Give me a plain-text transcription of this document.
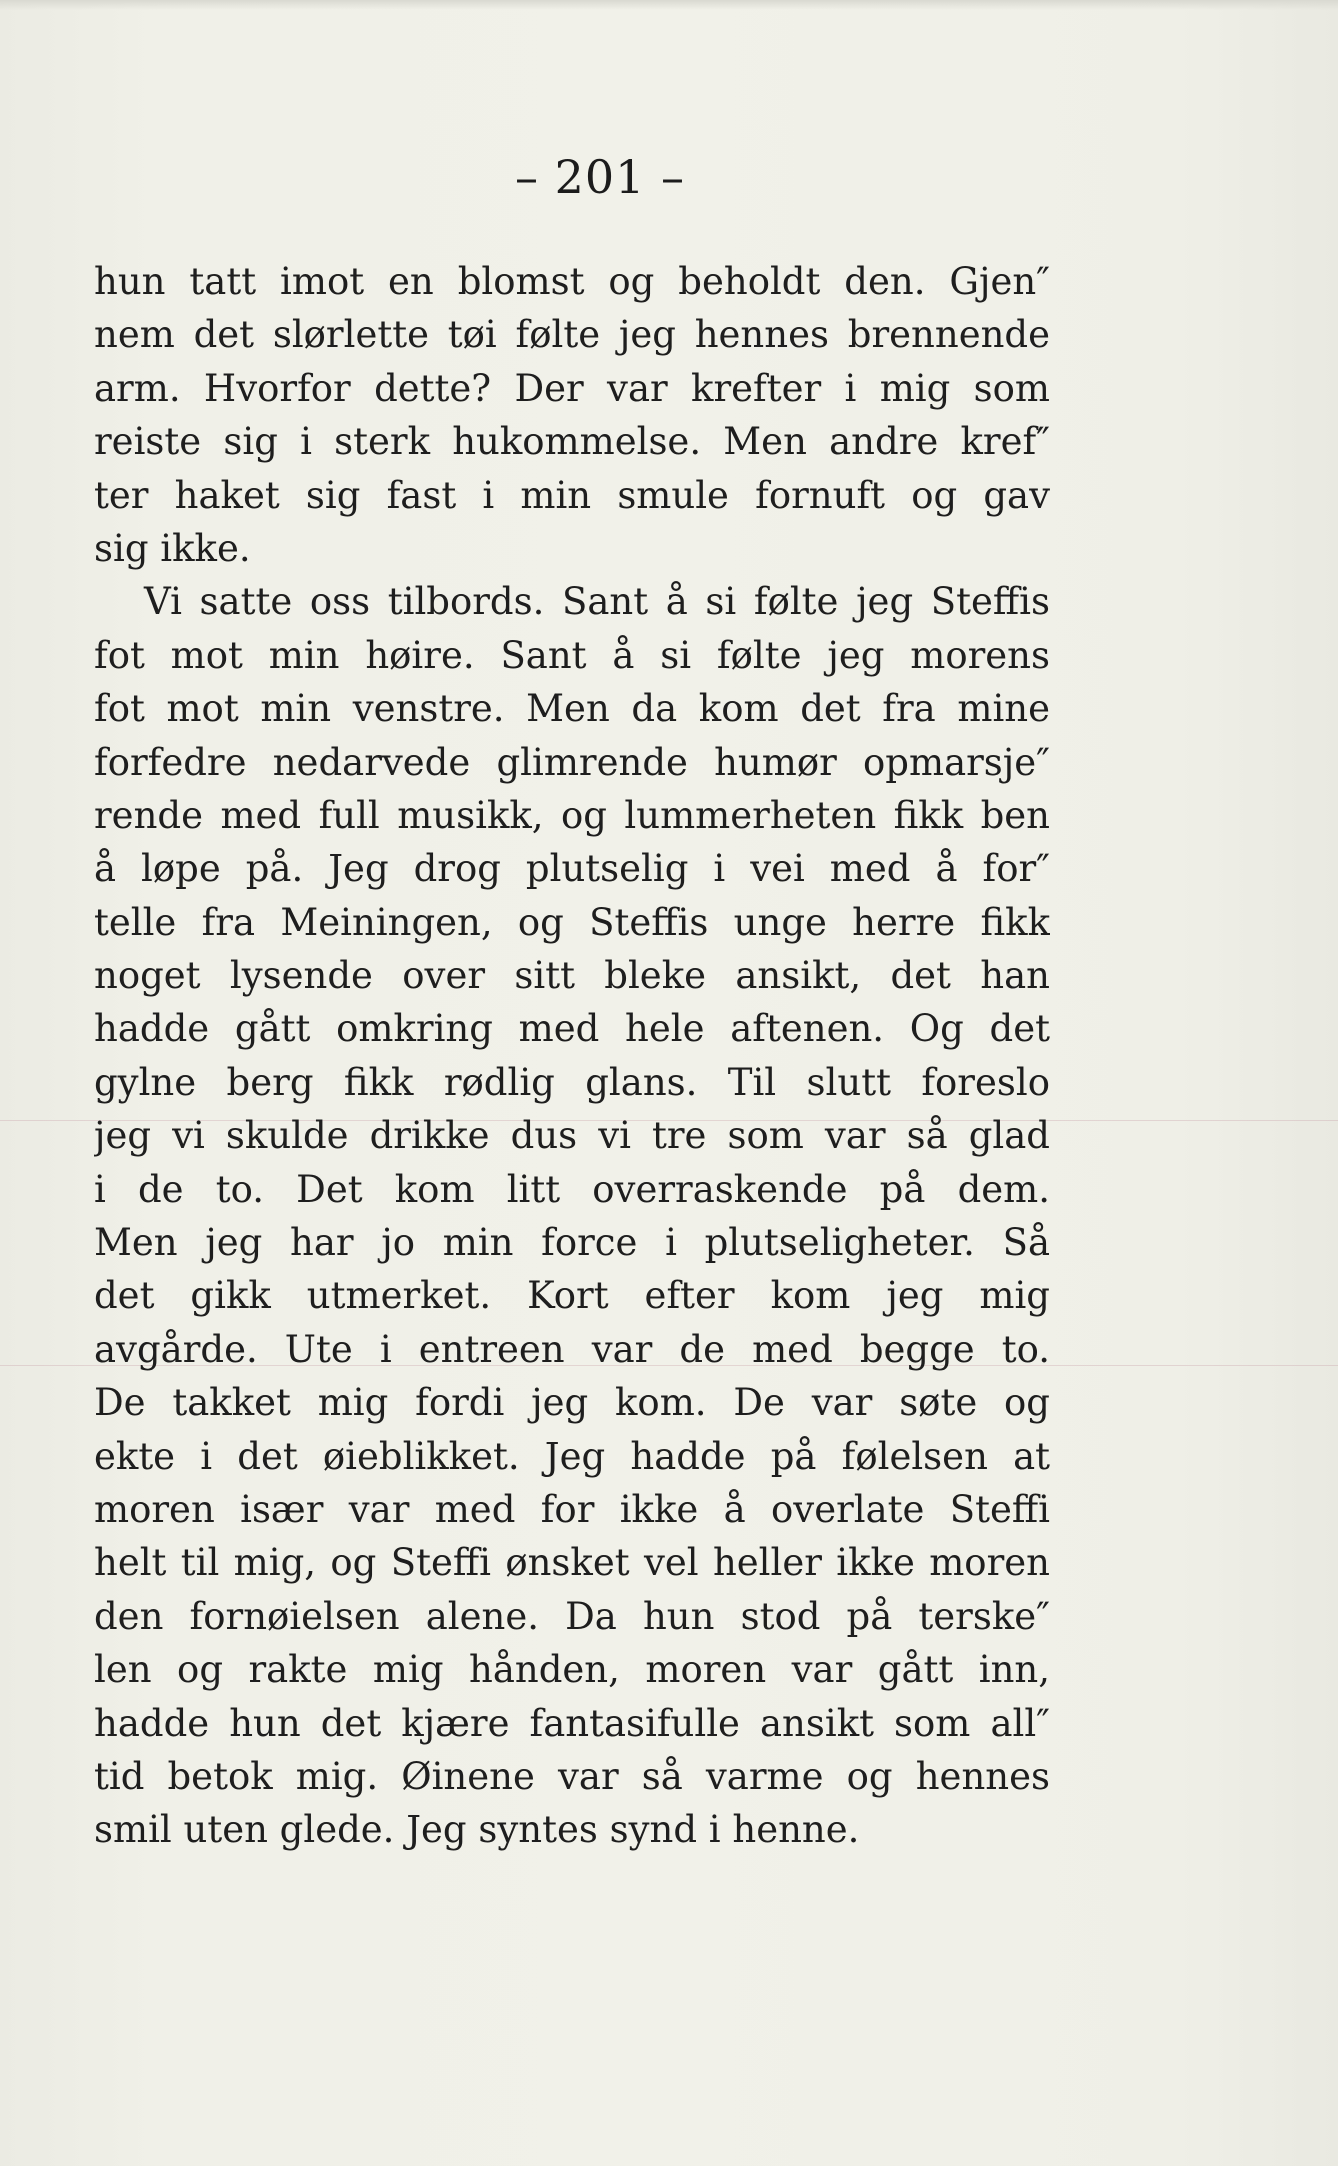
– 201 –
hun tatt imot en blomst og beholdt den. Gjen″
nem det slørlette tøi følte jeg hennes brennende
arm. Hvorfor dette? Der var krefter i mig som
reiste sig i sterk hukommelse. Men andre kref″
ter haket sig fast i min smule fornuft og gav
sig ikke.
Vi satte oss tilbords. Sant å si følte jeg Steffis
fot mot min høire. Sant å si følte jeg morens
fot mot min venstre. Men da kom det fra mine
forfedre nedarvede glimrende humør opmarsje″
rende med full musikk, og lummerheten fikk ben
å løpe på. Jeg drog plutselig i vei med å for″
telle fra Meiningen, og Steffis unge herre fikk
noget lysende over sitt bleke ansikt, det han
hadde gått omkring med hele aftenen. Og det
gylne berg fikk rødlig glans. Til slutt foreslo
jeg vi skulde drikke dus vi tre som var så glad
i de to. Det kom litt overraskende på dem.
Men jeg har jo min force i plutseligheter. Så
det gikk utmerket. Kort efter kom jeg mig
avgårde. Ute i entreen var de med begge to.
De takket mig fordi jeg kom. De var søte og
ekte i det øieblikket. Jeg hadde på følelsen at
moren især var med for ikke å overlate Steffi
helt til mig, og Steffi ønsket vel heller ikke moren
den fornøielsen alene. Da hun stod på terske″
len og rakte mig hånden, moren var gått inn,
hadde hun det kjære fantasifulle ansikt som all″
tid betok mig. Øinene var så varme og hennes
smil uten glede. Jeg syntes synd i henne.
